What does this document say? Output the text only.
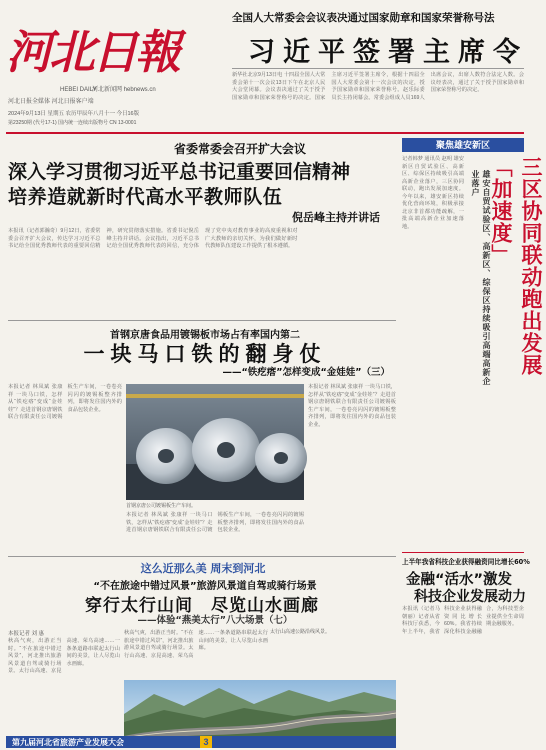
河北日報
HEBEI DAILY
河北新闻网 hebnews.cn
河北日报全媒体 河北日报客户端
2024年9月13日 星期五 农历甲辰年八月十一 今日16版
第23250期 (代号17-1) 国内统一连续出版物号 CN 13-0001
全国人大常委会会议表决通过国家勋章和国家荣誉称号法
习近平签署主席令
新华社北京9月13日电 十四届全国人大常委会第十一次会议13日下午在北京人民大会堂闭幕。会议表决通过了关于授予国家勋章和国家荣誉称号的决定。国家主席习近平签署主席令，根据十四届全国人大常委会第十一次会议的决定，授予国家勋章和国家荣誉称号。赵乐际委员长主持闭幕会。常委会组成人员169人出席会议，出席人数符合法定人数。会议经表决，通过了关于授予国家勋章和国家荣誉称号的决定。
省委常委会召开扩大会议
深入学习贯彻习近平总书记重要回信精神
培养造就新时代高水平教师队伍
倪岳峰主持并讲话
本报讯（记者郭瀚奇）9月12日，省委常委会召开扩大会议，传达学习习近平总书记给全国优秀教师代表的重要回信精神，研究贯彻落实措施。省委书记倪岳峰主持并讲话。会议指出，习近平总书记给全国优秀教师代表的回信，充分体现了党中央对教育事业的高度重视和对广大教师的亲切关怀，为我们做好新时代教师队伍建设工作提供了根本遵循。
聚焦雄安新区
三区协同联动跑出发展「加速度」
雄安自贸试验区、高新区、综保区持续吸引高端高新企业落户
记者韩梦 通讯员 赵明 雄安新区自贸试验区、高新区、综保区持续吸引高端高新企业落户，三区协同联动，跑出发展加速度。今年以来，雄安新区持续优化营商环境，积极承接北京非首都功能疏解，一批高端高新企业加速落地。
首钢京唐食品用镀锡板市场占有率国内第二
一块马口铁的翻身仗
——“铁疙瘩”怎样变成“金娃娃”（三）
本报记者 林凤斌 张康祥 一块马口铁，怎样从“铁疙瘩”变成“金娃娃”？走进首钢京唐钢铁联合有限责任公司镀锡板生产车间，一卷卷亮闪闪的镀锡板整齐排列，即将发往国内外的食品包装企业。
首钢京唐公司镀锡板生产车间。
本报记者 林凤斌 张康祥 一块马口铁，怎样从“铁疙瘩”变成“金娃娃”？走进首钢京唐钢铁联合有限责任公司镀锡板生产车间，一卷卷亮闪闪的镀锡板整齐排列，即将发往国内外的食品包装企业。
本报记者 林凤斌 张康祥 一块马口铁，怎样从“铁疙瘩”变成“金娃娃”？走进首钢京唐钢铁联合有限责任公司镀锡板生产车间，一卷卷亮闪闪的镀锡板整齐排列，即将发往国内外的食品包装企业。
上半年我省科技企业获得融资同比增长60%
金融“活水”激发
科技企业发展动力
本报讯（记者马朝丽）记者从省科技厅获悉，今年上半年，我省科技企业获得融资同比增长60%。我省持续深化科技金融融合，为科技型企业提供全生命周期金融服务。
这么近那么美 周末到河北
“不在旅途中错过风景”旅游风景道自驾或骑行场景
穿行太行山间　尽览山水画廊
——体验“燕美太行”八大场景（七）
本报记者 刘 惠
秋高气爽，出游正当时。“不在旅途中错过风景”，河北推出旅游风景道自驾或骑行场景。太行山高速、京昆高速、荣乌高速……一条条道路串联起太行山间的美景，让人尽览山水画廊。
秋高气爽，出游正当时。“不在旅途中错过风景”，河北推出旅游风景道自驾或骑行场景。太行山高速、京昆高速、荣乌高速……一条条道路串联起太行山间的美景，让人尽览山水画廊。
太行山高速公路沿线风景。
第九届河北省旅游产业发展大会	3
